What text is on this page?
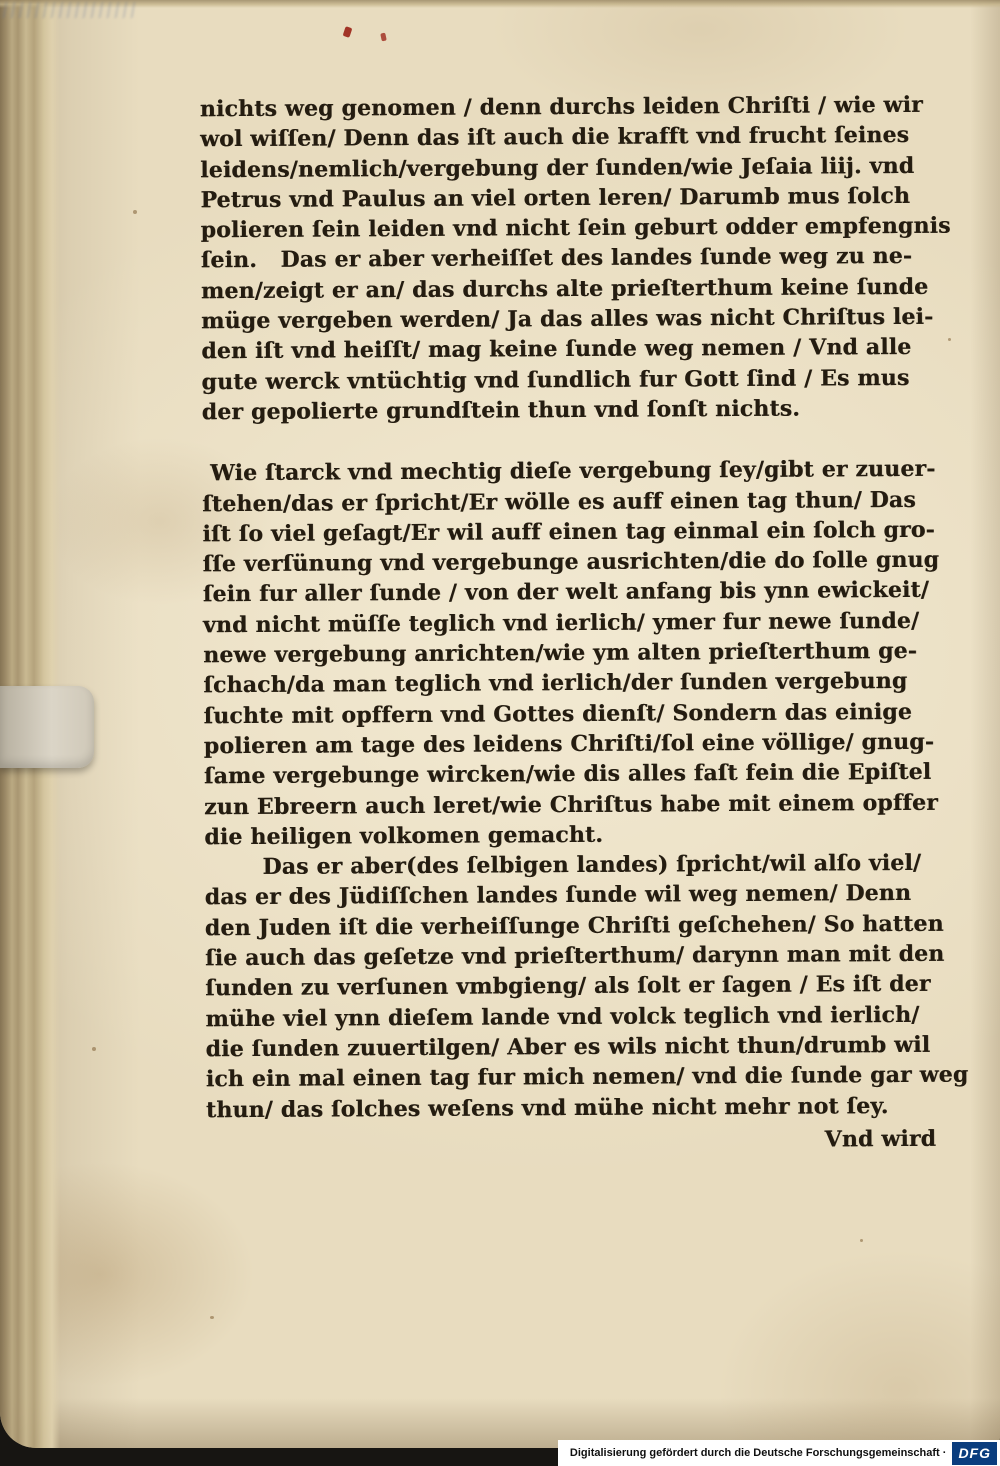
nichts weg genomen / denn durchs leiden Chriſti / wie wir
wol wiſſen/ Denn das iſt auch die krafft vnd frucht ſeines
leidens/nemlich/vergebung der ſunden/wie Jeſaia liij. vnd
Petrus vnd Paulus an viel orten leren/ Darumb mus ſolch
polieren ſein leiden vnd nicht ſein geburt odder empfengnis
ſein.   Das er aber verheiſſet des landes ſunde weg zu ne-
men/zeigt er an/ das durchs alte prieſterthum keine ſunde
müge vergeben werden/ Ja das alles was nicht Chriſtus lei-
den iſt vnd heiſſt/ mag keine ſunde weg nemen / Vnd alle
gute werck vntüchtig vnd ſundlich fur Gott ſind / Es mus
der gepolierte grundſtein thun vnd ſonſt nichts.
Wie ſtarck vnd mechtig dieſe vergebung ſey/gibt er zuuer-
ſtehen/das er ſpricht/Er wölle es auff einen tag thun/ Das
iſt ſo viel geſagt/Er wil auff einen tag einmal ein ſolch gro-
ſſe verſünung vnd vergebunge ausrichten/die do ſolle gnug
ſein fur aller ſunde / von der welt anfang bis ynn ewickeit/
vnd nicht müſſe teglich vnd ierlich/ ymer fur newe ſunde/
newe vergebung anrichten/wie ym alten prieſterthum ge-
ſchach/da man teglich vnd ierlich/der ſunden vergebung
ſuchte mit opffern vnd Gottes dienſt/ Sondern das einige
polieren am tage des leidens Chriſti/ſol eine völlige/ gnug-
ſame vergebunge wircken/wie dis alles faſt fein die Epiſtel
zun Ebreern auch leret/wie Chriſtus habe mit einem opffer
die heiligen volkomen gemacht.
Das er aber(des ſelbigen landes) ſpricht/wil alſo viel/
das er des Jüdiſſchen landes ſunde wil weg nemen/ Denn
den Juden iſt die verheiſſunge Chriſti geſchehen/ So hatten
ſie auch das geſetze vnd prieſterthum/ darynn man mit den
ſunden zu verſunen vmbgieng/ als ſolt er ſagen / Es iſt der
mühe viel ynn dieſem lande vnd volck teglich vnd ierlich/
die ſunden zuuertilgen/ Aber es wils nicht thun/drumb wil
ich ein mal einen tag fur mich nemen/ vnd die ſunde gar weg
thun/ das ſolches weſens vnd mühe nicht mehr not ſey.
Vnd wird
Digitalisierung gefördert durch die Deutsche Forschungsgemeinschaft · DFG
